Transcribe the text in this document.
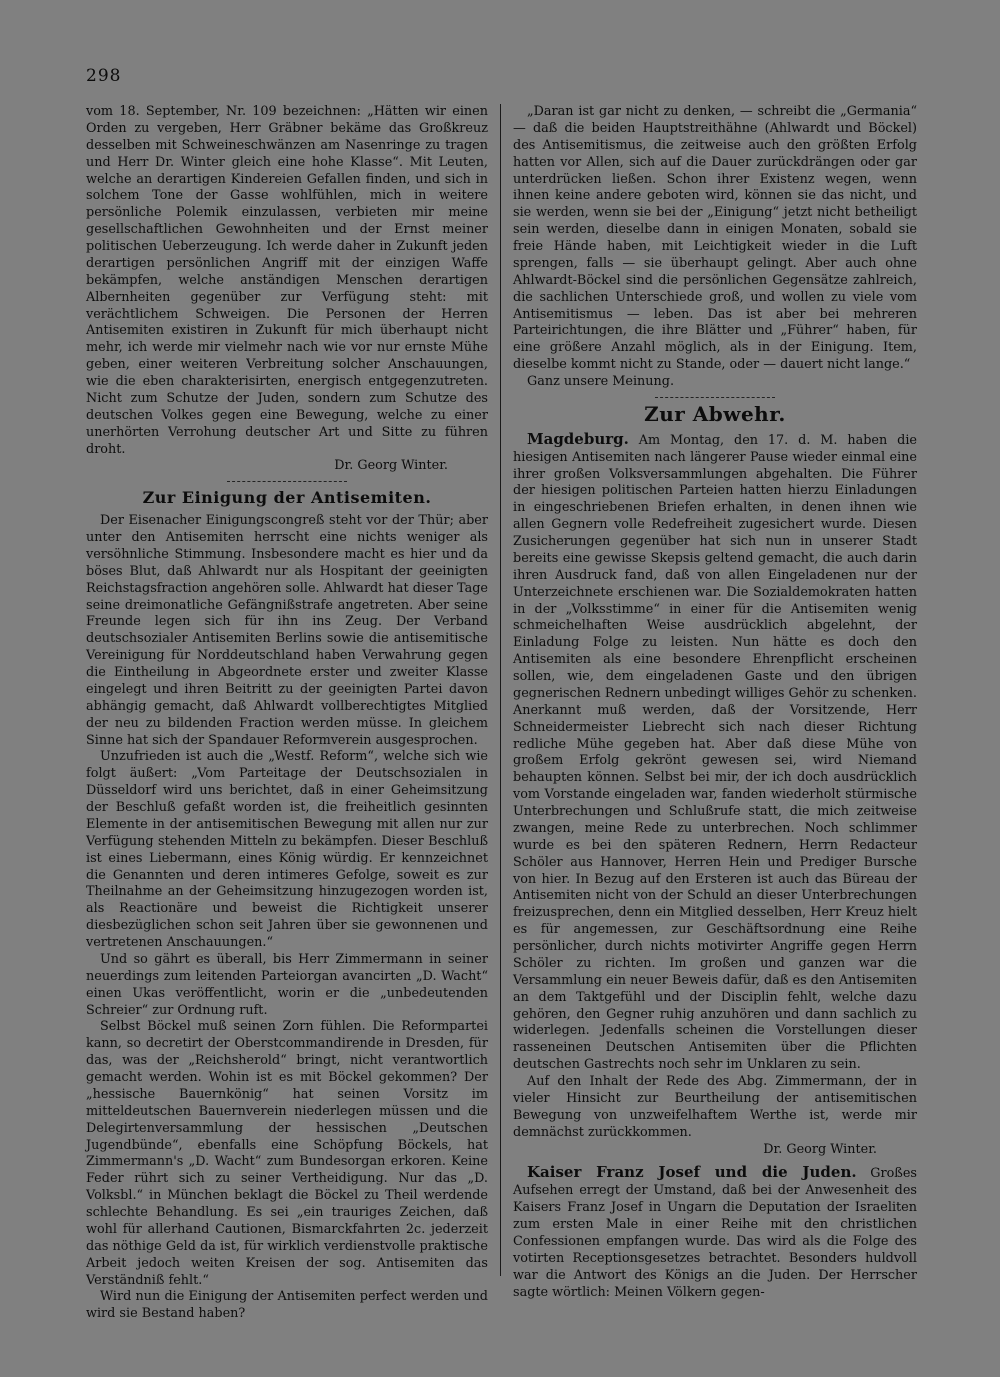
298

vom 18. September, Nr. 109 bezeichnen: „Hätten wir einen Orden zu vergeben, Herr Gräbner bekäme das Großkreuz desselben mit Schweineschwänzen am Nasenringe zu tragen und Herr Dr. Winter gleich eine hohe Klasse“. Mit Leuten, welche an derartigen Kindereien Gefallen finden, und sich in solchem Tone der Gasse wohlfühlen, mich in weitere persönliche Polemik einzulassen, verbieten mir meine gesellschaftlichen Gewohnheiten und der Ernst meiner politischen Ueberzeugung. Ich werde daher in Zukunft jeden derartigen persönlichen Angriff mit der einzigen Waffe bekämpfen, welche anständigen Menschen derartigen Albernheiten gegenüber zur Verfügung steht: mit verächtlichem Schweigen. Die Personen der Herren Antisemiten existiren in Zukunft für mich überhaupt nicht mehr, ich werde mir vielmehr nach wie vor nur ernste Mühe geben, einer weiteren Verbreitung solcher Anschauungen, wie die eben charakterisirten, energisch entgegenzutreten. Nicht zum Schutze der Juden, sondern zum Schutze des deutschen Volkes gegen eine Bewegung, welche zu einer unerhörten Verrohung deutscher Art und Sitte zu führen droht.

Dr. Georg Winter.
Zur Einigung der Antisemiten.

Der Eisenacher Einigungscongreß steht vor der Thür; aber unter den Antisemiten herrscht eine nichts weniger als versöhnliche Stimmung. Insbesondere macht es hier und da böses Blut, daß Ahlwardt nur als Hospitant der geeinigten Reichstagsfraction angehören solle. Ahlwardt hat dieser Tage seine dreimonatliche Gefängnißstrafe angetreten. Aber seine Freunde legen sich für ihn ins Zeug. Der Verband deutschsozialer Antisemiten Berlins sowie die antisemitische Vereinigung für Norddeutschland haben Verwahrung gegen die Eintheilung in Abgeordnete erster und zweiter Klasse eingelegt und ihren Beitritt zu der geeinigten Partei davon abhängig gemacht, daß Ahlwardt vollberechtigtes Mitglied der neu zu bildenden Fraction werden müsse. In gleichem Sinne hat sich der Spandauer Reformverein ausgesprochen.

Unzufrieden ist auch die „Westf. Reform“, welche sich wie folgt äußert: „Vom Parteitage der Deutschsozialen in Düsseldorf wird uns berichtet, daß in einer Geheimsitzung der Beschluß gefaßt worden ist, die freiheitlich gesinnten Elemente in der antisemitischen Bewegung mit allen nur zur Verfügung stehenden Mitteln zu bekämpfen. Dieser Beschluß ist eines Liebermann, eines König würdig. Er kennzeichnet die Genannten und deren intimeres Gefolge, soweit es zur Theilnahme an der Geheimsitzung hinzugezogen worden ist, als Reactionäre und beweist die Richtigkeit unserer diesbezüglichen schon seit Jahren über sie gewonnenen und vertretenen Anschauungen.“

Und so gährt es überall, bis Herr Zimmermann in seiner neuerdings zum leitenden Parteiorgan avancirten „D. Wacht“ einen Ukas veröffentlicht, worin er die „unbedeutenden Schreier“ zur Ordnung ruft.

Selbst Böckel muß seinen Zorn fühlen. Die Reformpartei kann, so decretirt der Oberstcommandirende in Dresden, für das, was der „Reichsherold“ bringt, nicht verantwortlich gemacht werden. Wohin ist es mit Böckel gekommen? Der „hessische Bauernkönig“ hat seinen Vorsitz im mitteldeutschen Bauernverein niederlegen müssen und die Delegirtenversammlung der hessischen „Deutschen Jugendbünde“, ebenfalls eine Schöpfung Böckels, hat Zimmermann's „D. Wacht“ zum Bundesorgan erkoren. Keine Feder rührt sich zu seiner Vertheidigung. Nur das „D. Volksbl.“ in München beklagt die Böckel zu Theil werdende schlechte Behandlung. Es sei „ein trauriges Zeichen, daß wohl für allerhand Cautionen, Bismarckfahrten 2c. jederzeit das nöthige Geld da ist, für wirklich verdienstvolle praktische Arbeit jedoch weiten Kreisen der sog. Antisemiten das Verständniß fehlt.“

Wird nun die Einigung der Antisemiten perfect werden und wird sie Bestand haben?

„Daran ist gar nicht zu denken, — schreibt die „Germania“ — daß die beiden Hauptstreithähne (Ahlwardt und Böckel) des Antisemitismus, die zeitweise auch den größten Erfolg hatten vor Allen, sich auf die Dauer zurückdrängen oder gar unterdrücken ließen. Schon ihrer Existenz wegen, wenn ihnen keine andere geboten wird, können sie das nicht, und sie werden, wenn sie bei der „Einigung“ jetzt nicht betheiligt sein werden, dieselbe dann in einigen Monaten, sobald sie freie Hände haben, mit Leichtigkeit wieder in die Luft sprengen, falls — sie überhaupt gelingt. Aber auch ohne Ahlwardt-Böckel sind die persönlichen Gegensätze zahlreich, die sachlichen Unterschiede groß, und wollen zu viele vom Antisemitismus — leben. Das ist aber bei mehreren Parteirichtungen, die ihre Blätter und „Führer“ haben, für eine größere Anzahl möglich, als in der Einigung. Item, dieselbe kommt nicht zu Stande, oder — dauert nicht lange.“

Ganz unsere Meinung.

Zur Abwehr.

Magdeburg. Am Montag, den 17. d. M. haben die hiesigen Antisemiten nach längerer Pause wieder einmal eine ihrer großen Volksversammlungen abgehalten. Die Führer der hiesigen politischen Parteien hatten hierzu Einladungen in eingeschriebenen Briefen erhalten, in denen ihnen wie allen Gegnern volle Redefreiheit zugesichert wurde. Diesen Zusicherungen gegenüber hat sich nun in unserer Stadt bereits eine gewisse Skepsis geltend gemacht, die auch darin ihren Ausdruck fand, daß von allen Eingeladenen nur der Unterzeichnete erschienen war. Die Sozialdemokraten hatten in der „Volksstimme“ in einer für die Antisemiten wenig schmeichelhaften Weise ausdrücklich abgelehnt, der Einladung Folge zu leisten. Nun hätte es doch den Antisemiten als eine besondere Ehrenpflicht erscheinen sollen, wie, dem eingeladenen Gaste und den übrigen gegnerischen Rednern unbedingt williges Gehör zu schenken. Anerkannt muß werden, daß der Vorsitzende, Herr Schneidermeister Liebrecht sich nach dieser Richtung redliche Mühe gegeben hat. Aber daß diese Mühe von großem Erfolg gekrönt gewesen sei, wird Niemand behaupten können. Selbst bei mir, der ich doch ausdrücklich vom Vorstande eingeladen war, fanden wiederholt stürmische Unterbrechungen und Schlußrufe statt, die mich zeitweise zwangen, meine Rede zu unterbrechen. Noch schlimmer wurde es bei den späteren Rednern, Herrn Redacteur Schöler aus Hannover, Herren Hein und Prediger Bursche von hier. In Bezug auf den Ersteren ist auch das Büreau der Antisemiten nicht von der Schuld an dieser Unterbrechungen freizusprechen, denn ein Mitglied desselben, Herr Kreuz hielt es für angemessen, zur Geschäftsordnung eine Reihe persönlicher, durch nichts motivirter Angriffe gegen Herrn Schöler zu richten. Im großen und ganzen war die Versammlung ein neuer Beweis dafür, daß es den Antisemiten an dem Taktgefühl und der Disciplin fehlt, welche dazu gehören, den Gegner ruhig anzuhören und dann sachlich zu widerlegen. Jedenfalls scheinen die Vorstellungen dieser rasseneinen Deutschen Antisemiten über die Pflichten deutschen Gastrechts noch sehr im Unklaren zu sein.

Auf den Inhalt der Rede des Abg. Zimmermann, der in vieler Hinsicht zur Beurtheilung der antisemitischen Bewegung von unzweifelhaftem Werthe ist, werde mir demnächst zurückkommen.

Dr. Georg Winter.

Kaiser Franz Josef und die Juden. Großes Aufsehen erregt der Umstand, daß bei der Anwesenheit des Kaisers Franz Josef in Ungarn die Deputation der Israeliten zum ersten Male in einer Reihe mit den christlichen Confessionen empfangen wurde. Das wird als die Folge des votirten Receptionsgesetzes betrachtet. Besonders huldvoll war die Antwort des Königs an die Juden. Der Herrscher sagte wörtlich: Meinen Völkern gegen-
